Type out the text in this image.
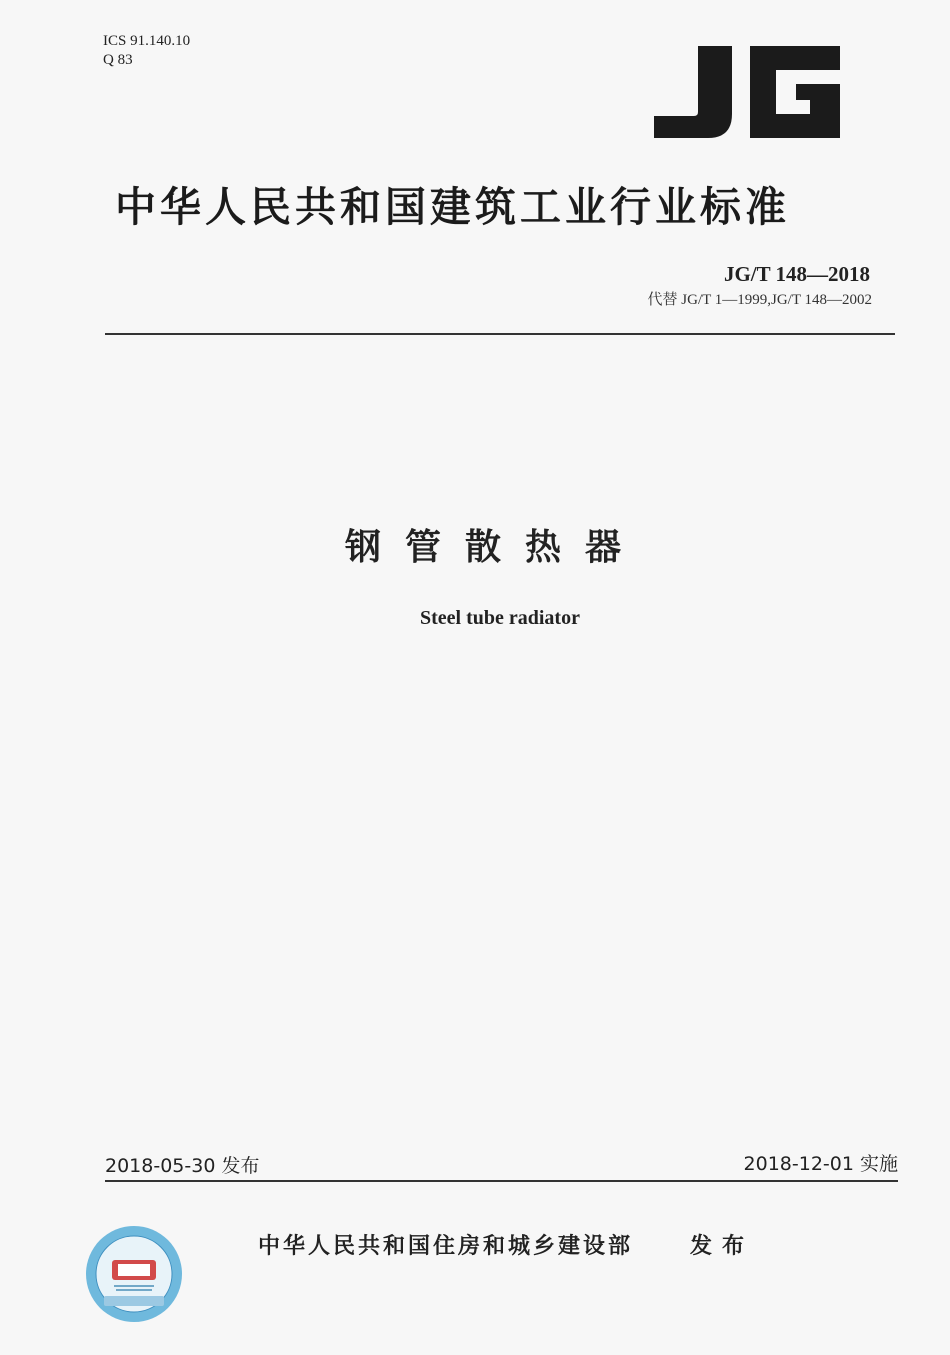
ICS 91.140.10
Q 83
中华人民共和国建筑工业行业标准
JG/T 148—2018
代替 JG/T 1—1999,JG/T 148—2002
钢管散热器
Steel tube radiator
2018-05-30 发布	2018-12-01 实施
中华人民共和国住房和城乡建设部	发布
